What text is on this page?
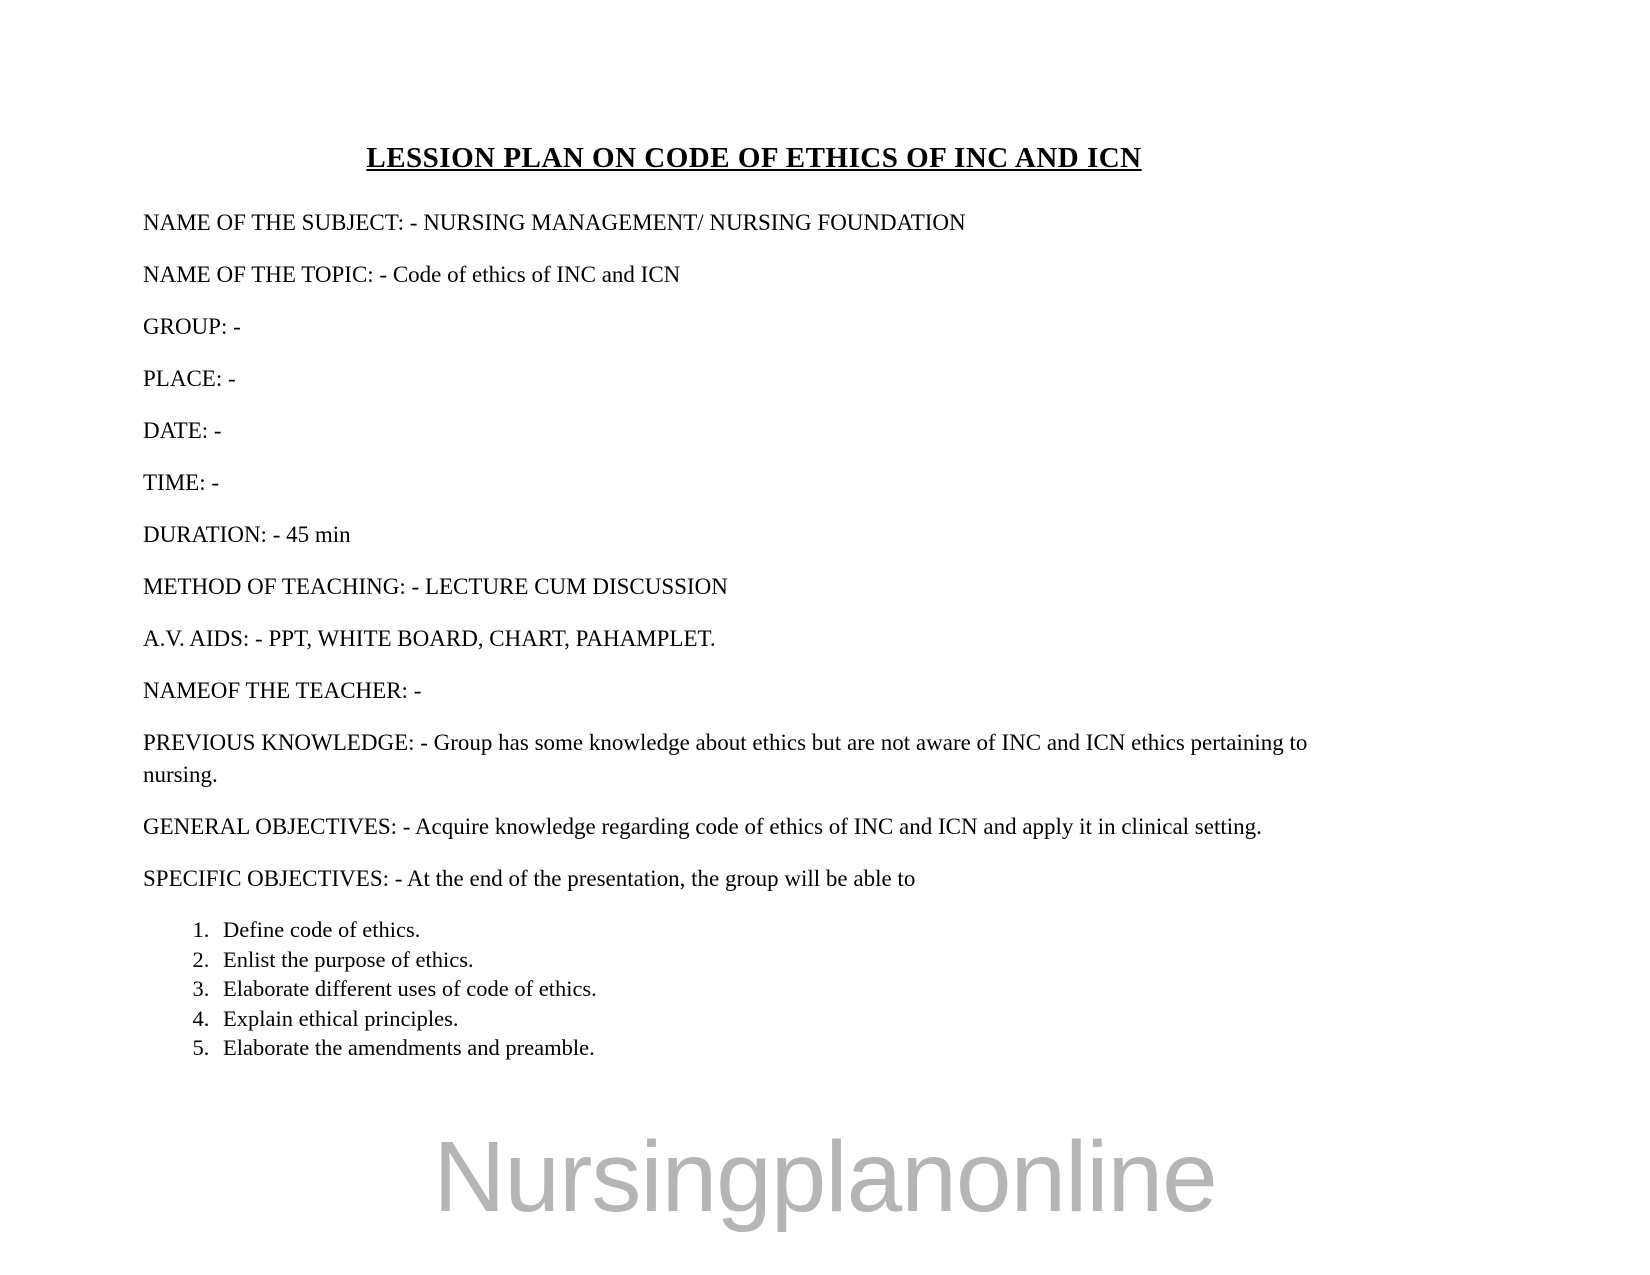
LESSION PLAN ON CODE OF ETHICS OF INC AND ICN

NAME OF THE SUBJECT: - NURSING MANAGEMENT/ NURSING FOUNDATION

NAME OF THE TOPIC: - Code of ethics of INC and ICN

GROUP: -

PLACE: -

DATE: -

TIME: -

DURATION: - 45 min

METHOD OF TEACHING: - LECTURE CUM DISCUSSION

A.V. AIDS: - PPT, WHITE BOARD, CHART, PAHAMPLET.

NAMEOF THE TEACHER: -

PREVIOUS KNOWLEDGE: - Group has some knowledge about ethics but are not aware of INC and ICN ethics pertaining to nursing.

GENERAL OBJECTIVES: - Acquire knowledge regarding code of ethics of INC and ICN and apply it in clinical setting.

SPECIFIC OBJECTIVES: - At the end of the presentation, the group will be able to

1. Define code of ethics.
2. Enlist the purpose of ethics.
3. Elaborate different uses of code of ethics.
4. Explain ethical principles.
5. Elaborate the amendments and preamble.
Nursingplanonline
